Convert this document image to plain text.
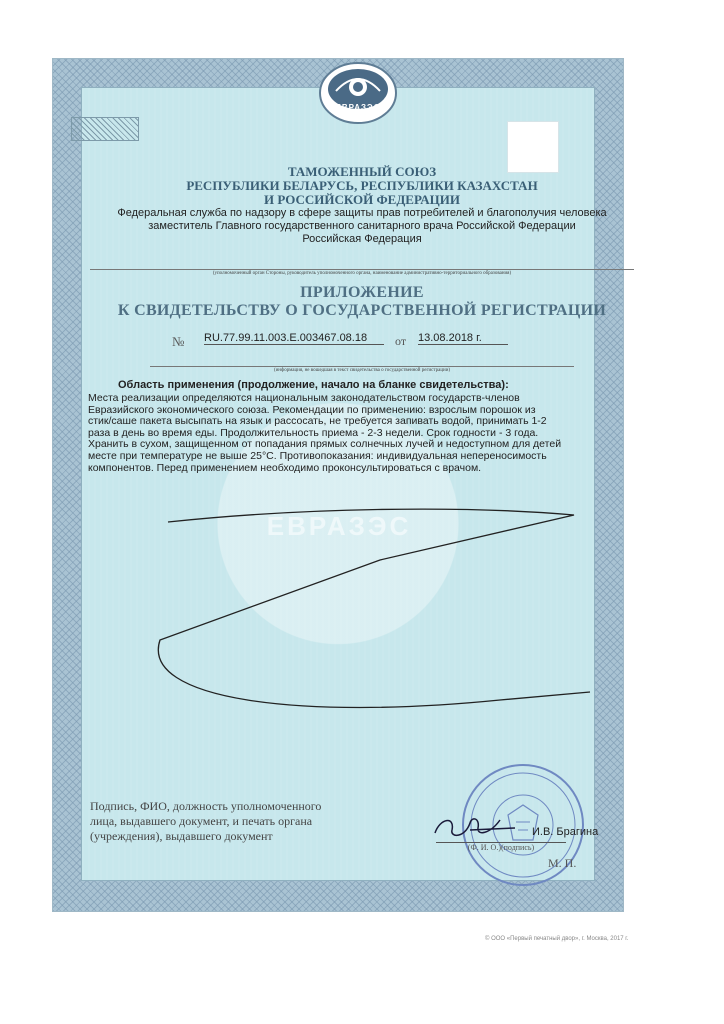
ЕВРАЗЭС
ЕВРАЗЭС
ТАМОЖЕННЫЙ СОЮЗ
РЕСПУБЛИКИ БЕЛАРУСЬ, РЕСПУБЛИКИ КАЗАХСТАН
И РОССИЙСКОЙ ФЕДЕРАЦИИ
Федеральная служба по надзору в сфере защиты прав потребителей и благополучия человека
заместитель Главного государственного санитарного врача Российской Федерации
Российская Федерация
(уполномоченный орган Стороны, руководитель уполномоченного органа, наименование административно-территориального образования)
ПРИЛОЖЕНИЕ
К СВИДЕТЕЛЬСТВУ О ГОСУДАРСТВЕННОЙ РЕГИСТРАЦИИ
№ RU.77.99.11.003.E.003467.08.18	от 13.08.2018 г.
(информация, не вошедшая в текст свидетельства о государственной регистрации)
Область применения (продолжение, начало на бланке свидетельства):
Места реализации определяются национальным законодательством государств-членов
Евразийского экономического союза. Рекомендации по применению: взрослым порошок из
стик/саше пакета высыпать на язык и рассосать, не требуется запивать водой, принимать 1-2
раза в день во время еды. Продолжительность приема - 2-3 недели. Срок годности - 3 года.
Хранить в сухом, защищенном от попадания прямых солнечных лучей и недоступном для детей
месте при температуре не выше 25°C. Противопоказания: индивидуальная непереносимость
компонентов. Перед применением необходимо проконсультироваться с врачом.
Подпись, ФИО, должность уполномоченного
лица, выдавшего документ, и печать органа
(учреждения), выдавшего документ	И.В. Брагина
(Ф. И. О.)(подпись)
М. П.
© ООО «Первый печатный двор», г. Москва, 2017 г.
